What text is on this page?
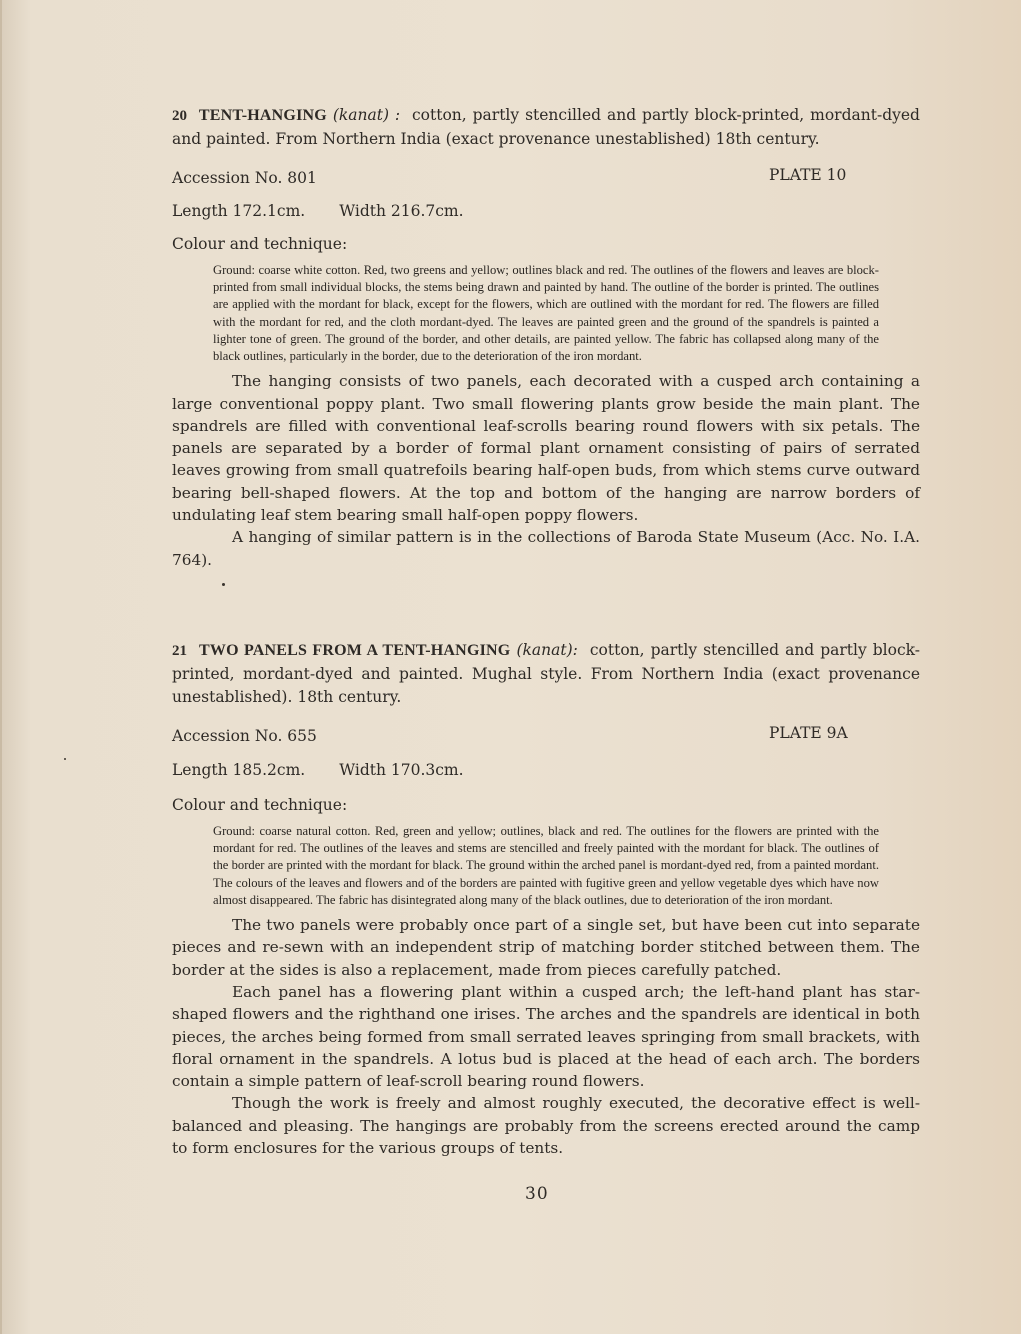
20 TENT-HANGING (kanat) : cotton, partly stencilled and partly block-printed, mordant-dyed and painted. From Northern India (exact provenance unestablished) 18th century.

Accession No. 801	PLATE 10

Length 172.1cm. Width 216.7cm.

Colour and technique:

Ground: coarse white cotton. Red, two greens and yellow; outlines black and red. The outlines of the flowers and leaves are block-printed from small individual blocks, the stems being drawn and painted by hand. The outline of the border is printed. The outlines are applied with the mordant for black, except for the flowers, which are outlined with the mordant for red. The flowers are filled with the mordant for red, and the cloth mordant-dyed. The leaves are painted green and the ground of the spandrels is painted a lighter tone of green. The ground of the border, and other details, are painted yellow. The fabric has collapsed along many of the black outlines, particularly in the border, due to the deterioration of the iron mordant.

The hanging consists of two panels, each decorated with a cusped arch containing a large conventional poppy plant. Two small flowering plants grow beside the main plant. The spandrels are filled with conventional leaf-scrolls bearing round flowers with six petals. The panels are separated by a border of formal plant ornament consisting of pairs of serrated leaves growing from small quatrefoils bearing half-open buds, from which stems curve outward bearing bell-shaped flowers. At the top and bottom of the hanging are narrow borders of undulating leaf stem bearing small half-open poppy flowers.

A hanging of similar pattern is in the collections of Baroda State Museum (Acc. No. I.A. 764).

21 TWO PANELS FROM A TENT-HANGING (kanat): cotton, partly stencilled and partly block-printed, mordant-dyed and painted. Mughal style. From Northern India (exact provenance unestablished). 18th century.

Accession No. 655	PLATE 9A

Length 185.2cm. Width 170.3cm.

Colour and technique:

Ground: coarse natural cotton. Red, green and yellow; outlines, black and red. The outlines for the flowers are printed with the mordant for red. The outlines of the leaves and stems are stencilled and freely painted with the mordant for black. The outlines of the border are printed with the mordant for black. The ground within the arched panel is mordant-dyed red, from a painted mordant. The colours of the leaves and flowers and of the borders are painted with fugitive green and yellow vegetable dyes which have now almost disappeared. The fabric has disintegrated along many of the black outlines, due to deterioration of the iron mordant.

The two panels were probably once part of a single set, but have been cut into separate pieces and re-sewn with an independent strip of matching border stitched between them. The border at the sides is also a replacement, made from pieces carefully patched.

Each panel has a flowering plant within a cusped arch; the left-hand plant has star-shaped flowers and the righthand one irises. The arches and the spandrels are identical in both pieces, the arches being formed from small serrated leaves springing from small brackets, with floral ornament in the spandrels. A lotus bud is placed at the head of each arch. The borders contain a simple pattern of leaf-scroll bearing round flowers.

Though the work is freely and almost roughly executed, the decorative effect is well-balanced and pleasing. The hangings are probably from the screens erected around the camp to form enclosures for the various groups of tents.

30
